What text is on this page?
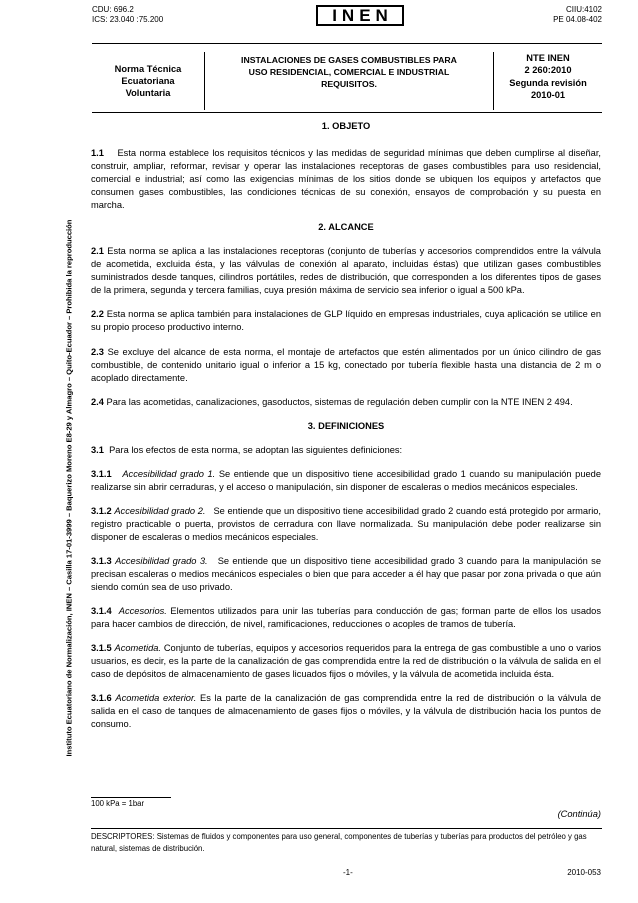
Instituto Ecuatoriano de Normalización, INEN – Casilla 17-01-3999 – Baquerizo Moreno E8-29 y Almagro – Quito-Ecuador – Prohibida la reproducción
CDU: 696.2
ICS: 23.040 :75.200	INEN	CIIU:4102
PE 04.08-402
Norma Técnica
Ecuatoriana
Voluntaria
INSTALACIONES DE GASES COMBUSTIBLES PARA
USO RESIDENCIAL, COMERCIAL E INDUSTRIAL
REQUISITOS.
NTE INEN
2 260:2010
Segunda revisión
2010-01
1. OBJETO

1.1 Esta norma establece los requisitos técnicos y las medidas de seguridad mínimas que deben cumplirse al diseñar, construir, ampliar, reformar, revisar y operar las instalaciones receptoras de gases combustibles para uso residencial, comercial e industrial; así como las exigencias mínimas de los sitios donde se ubiquen los equipos y artefactos que consumen gases combustibles, las condiciones técnicas de su conexión, ensayos de comprobación y su puesta en marcha.

2. ALCANCE

2.1 Esta norma se aplica a las instalaciones receptoras (conjunto de tuberías y accesorios comprendidos entre la válvula de acometida, excluida ésta, y las válvulas de conexión al aparato, incluidas éstas) que utilizan gases combustibles suministrados desde tanques, cilindros portátiles, redes de distribución, que corresponden a los diferentes tipos de gases de la primera, segunda y tercera familias, cuya presión máxima de servicio sea inferior o igual a 500 kPa.

2.2 Esta norma se aplica también para instalaciones de GLP líquido en empresas industriales, cuya aplicación se utilice en su propio proceso productivo interno.

2.3 Se excluye del alcance de esta norma, el montaje de artefactos que estén alimentados por un único cilindro de gas combustible, de contenido unitario igual o inferior a 15 kg, conectado por tubería flexible hasta una distancia de 2 m o acoplado directamente.

2.4 Para las acometidas, canalizaciones, gasoductos, sistemas de regulación deben cumplir con la NTE INEN 2 494.

3. DEFINICIONES

3.1 Para los efectos de esta norma, se adoptan las siguientes definiciones:

3.1.1 Accesibilidad grado 1. Se entiende que un dispositivo tiene accesibilidad grado 1 cuando su manipulación puede realizarse sin abrir cerraduras, y el acceso o manipulación, sin disponer de escaleras o medios mecánicos especiales.

3.1.2 Accesibilidad grado 2. Se entiende que un dispositivo tiene accesibilidad grado 2 cuando está protegido por armario, registro practicable o puerta, provistos de cerradura con llave normalizada. Su manipulación debe poder realizarse sin disponer de escaleras o medios mecánicos especiales.

3.1.3 Accesibilidad grado 3. Se entiende que un dispositivo tiene accesibilidad grado 3 cuando para la manipulación se precisan escaleras o medios mecánicos especiales o bien que para acceder a él hay que pasar por zona privada o que aún siendo común sea de uso privado.

3.1.4 Accesorios. Elementos utilizados para unir las tuberías para conducción de gas; forman parte de ellos los usados para hacer cambios de dirección, de nivel, ramificaciones, reducciones o acoples de tramos de tubería.

3.1.5 Acometida. Conjunto de tuberías, equipos y accesorios requeridos para la entrega de gas combustible a uno o varios usuarios, es decir, es la parte de la canalización de gas comprendida entre la red de distribución o la válvula de salida en el caso de depósitos de almacenamiento de gases licuados fijos o móviles, y la válvula de acometida incluida ésta.

3.1.6 Acometida exterior. Es la parte de la canalización de gas comprendida entre la red de distribución o la válvula de salida en el caso de tanques de almacenamiento de gases fijos o móviles, y la válvula de distribución hacia los puntos de consumo.

100 kPa = 1bar
(Continúa)
DESCRIPTORES: Sistemas de fluidos y componentes para uso general, componentes de tuberías y tuberías para productos del petróleo y gas natural, sistemas de distribución.
-1-	2010-053
